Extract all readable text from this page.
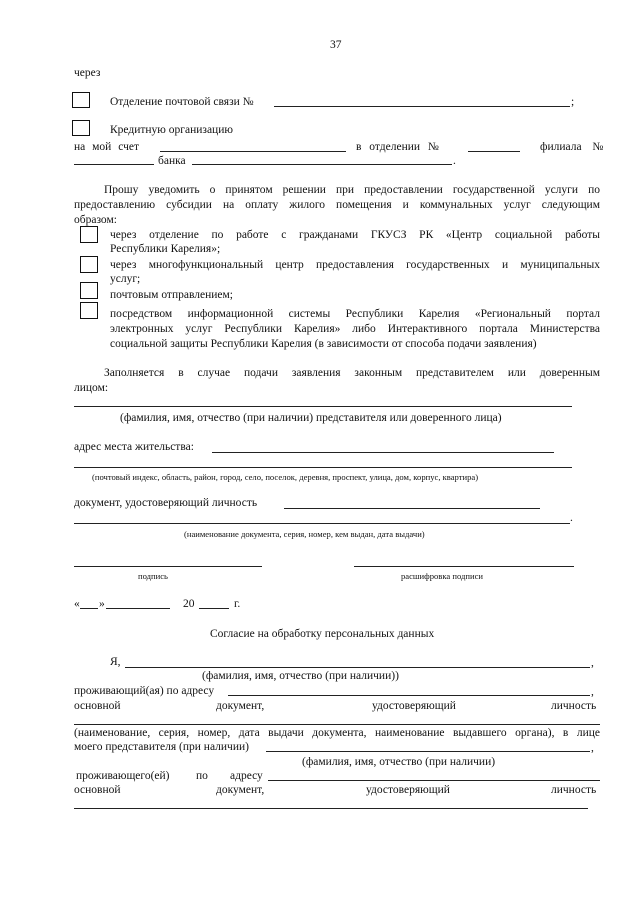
37
через
Отделение почтовой связи №	;
Кредитную организацию
на мой счет	в отделении №	филиала №
банка	.
Прошу уведомить о принятом решении при предоставлении государственной услуги по
предоставлению субсидии на оплату жилого помещения и коммунальных услуг следующим
образом:
через отделение по работе с гражданами ГКУСЗ РК «Центр социальной работы
Республики Карелия»;
через многофункциональный центр предоставления государственных и муниципальных
услуг;
почтовым отправлением;
посредством информационной системы Республики Карелия «Региональный портал
электронных услуг Республики Карелия» либо Интерактивного портала Министерства
социальной защиты Республики Карелия (в зависимости от способа подачи заявления)
Заполняется в случае подачи заявления законным представителем или доверенным
лицом:
(фамилия, имя, отчество (при наличии) представителя или доверенного лица)
адрес места жительства:
(почтовый индекс, область, район, город, село, поселок, деревня, проспект, улица, дом, корпус, квартира)
документ, удостоверяющий личность
.
(наименование документа, серия, номер, кем выдан, дата выдачи)
подпись	расшифровка подписи
« »	20	г.
Согласие на обработку персональных данных
Я,	,
(фамилия, имя, отчество (при наличии))
проживающий(ая) по адресу	,
основной	документ,	удостоверяющий	личность
(наименование, серия, номер, дата выдачи документа, наименование выдавшего органа), в лице
моего представителя (при наличии)	,
(фамилия, имя, отчество (при наличии)
проживающего(ей) по адресу
основной	документ,	удостоверяющий	личность
